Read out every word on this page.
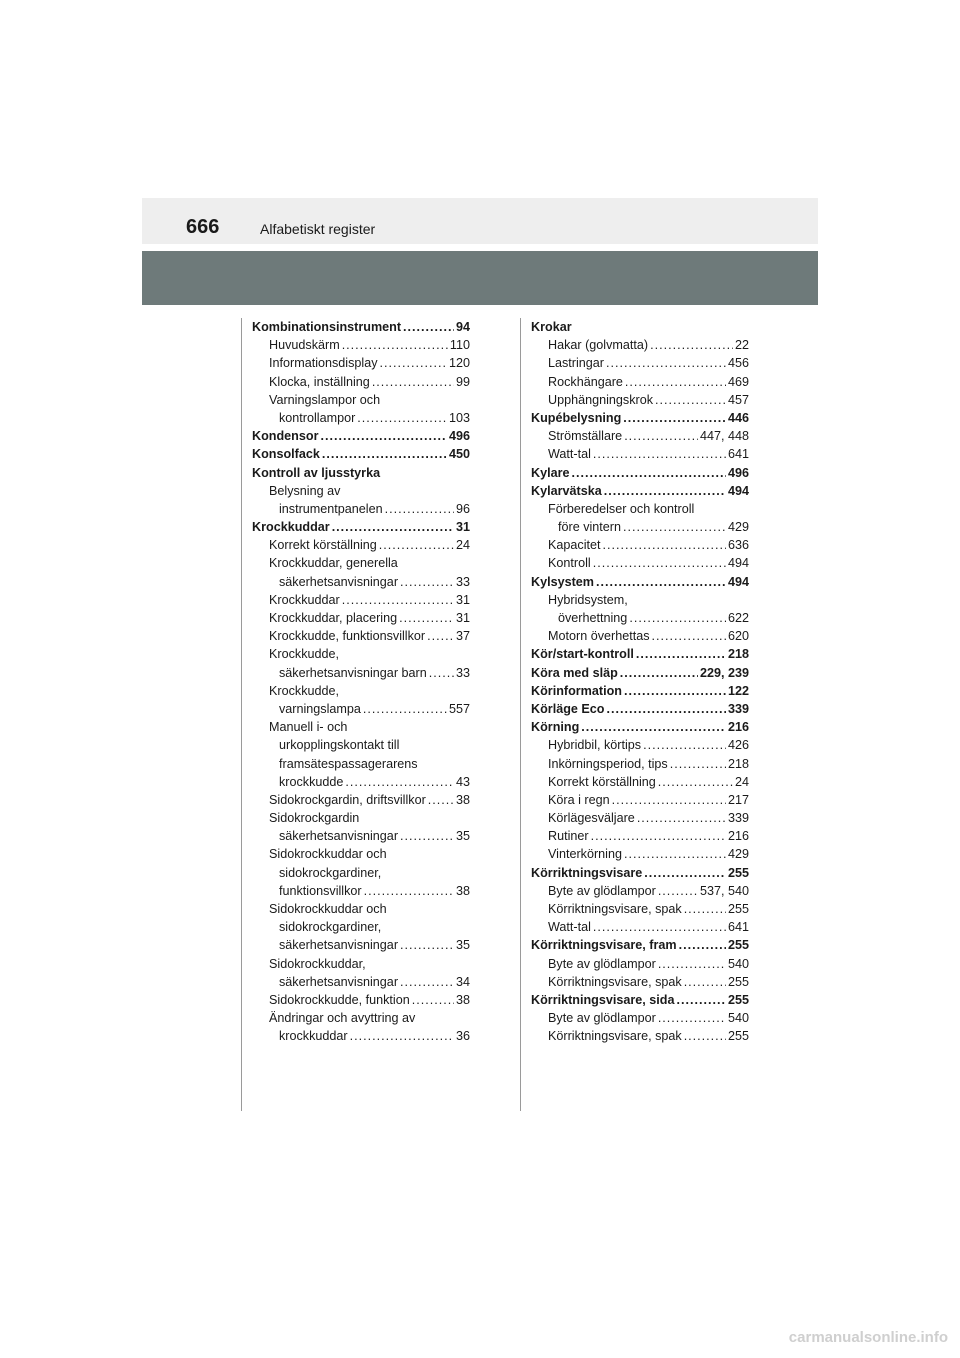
666	Alfabetiskt register
Kombinationsinstrument .....	94
Huvudskärm .....	110
Informationsdisplay .....	120
Klocka, inställning .....	99
Varningslampor och
kontrollampor .....	103
Kondensor .....	496
Konsolfack .....	450
Kontroll av ljusstyrka
Belysning av
instrumentpanelen .....	96
Krockkuddar .....	31
Korrekt körställning .....	24
Krockkuddar, generella
säkerhetsanvisningar .....	33
Krockkuddar .....	31
Krockkuddar, placering .....	31
Krockkudde, funktionsvillkor ..... 37
Krockkudde,
säkerhetsanvisningar barn ..... 33
Krockkudde,
varningslampa .....	557
Manuell i- och
urkopplingskontakt till
framsätespassagerarens
krockkudde .....	43
Sidokrockgardin, driftsvillkor ..... 38
Sidokrockgardin
säkerhetsanvisningar .....	35
Sidokrockkuddar och
sidokrockgardiner,
funktionsvillkor .....	38
Sidokrockkuddar och
sidokrockgardiner,
säkerhetsanvisningar .....	35
Sidokrockkuddar,
säkerhetsanvisningar .....	34
Sidokrockkudde, funktion .....	38
Ändringar och avyttring av
krockkuddar .....	36
Krokar
Hakar (golvmatta) .....	22
Lastringar .....	456
Rockhängare .....	469
Upphängningskrok .....	457
Kupébelysning .....	446
Strömställare .....	447, 448
Watt-tal .....	641
Kylare .....	496
Kylarvätska .....	494
Förberedelser och kontroll
före vintern .....	429
Kapacitet .....	636
Kontroll .....	494
Kylsystem .....	494
Hybridsystem,
överhettning .....	622
Motorn överhettas .....	620
Kör/start-kontroll .....	218
Köra med släp .....	229, 239
Körinformation .....	122
Körläge Eco .....	339
Körning .....	216
Hybridbil, körtips .....	426
Inkörningsperiod, tips .....	218
Korrekt körställning .....	24
Köra i regn .....	217
Körlägesväljare .....	339
Rutiner .....	216
Vinterkörning .....	429
Körriktningsvisare .....	255
Byte av glödlampor .....	537, 540
Körriktningsvisare, spak .....	255
Watt-tal .....	641
Körriktningsvisare, fram .....	255
Byte av glödlampor .....	540
Körriktningsvisare, spak .....	255
Körriktningsvisare, sida .....	255
Byte av glödlampor .....	540
Körriktningsvisare, spak .....	255
carmanualsonline.info
